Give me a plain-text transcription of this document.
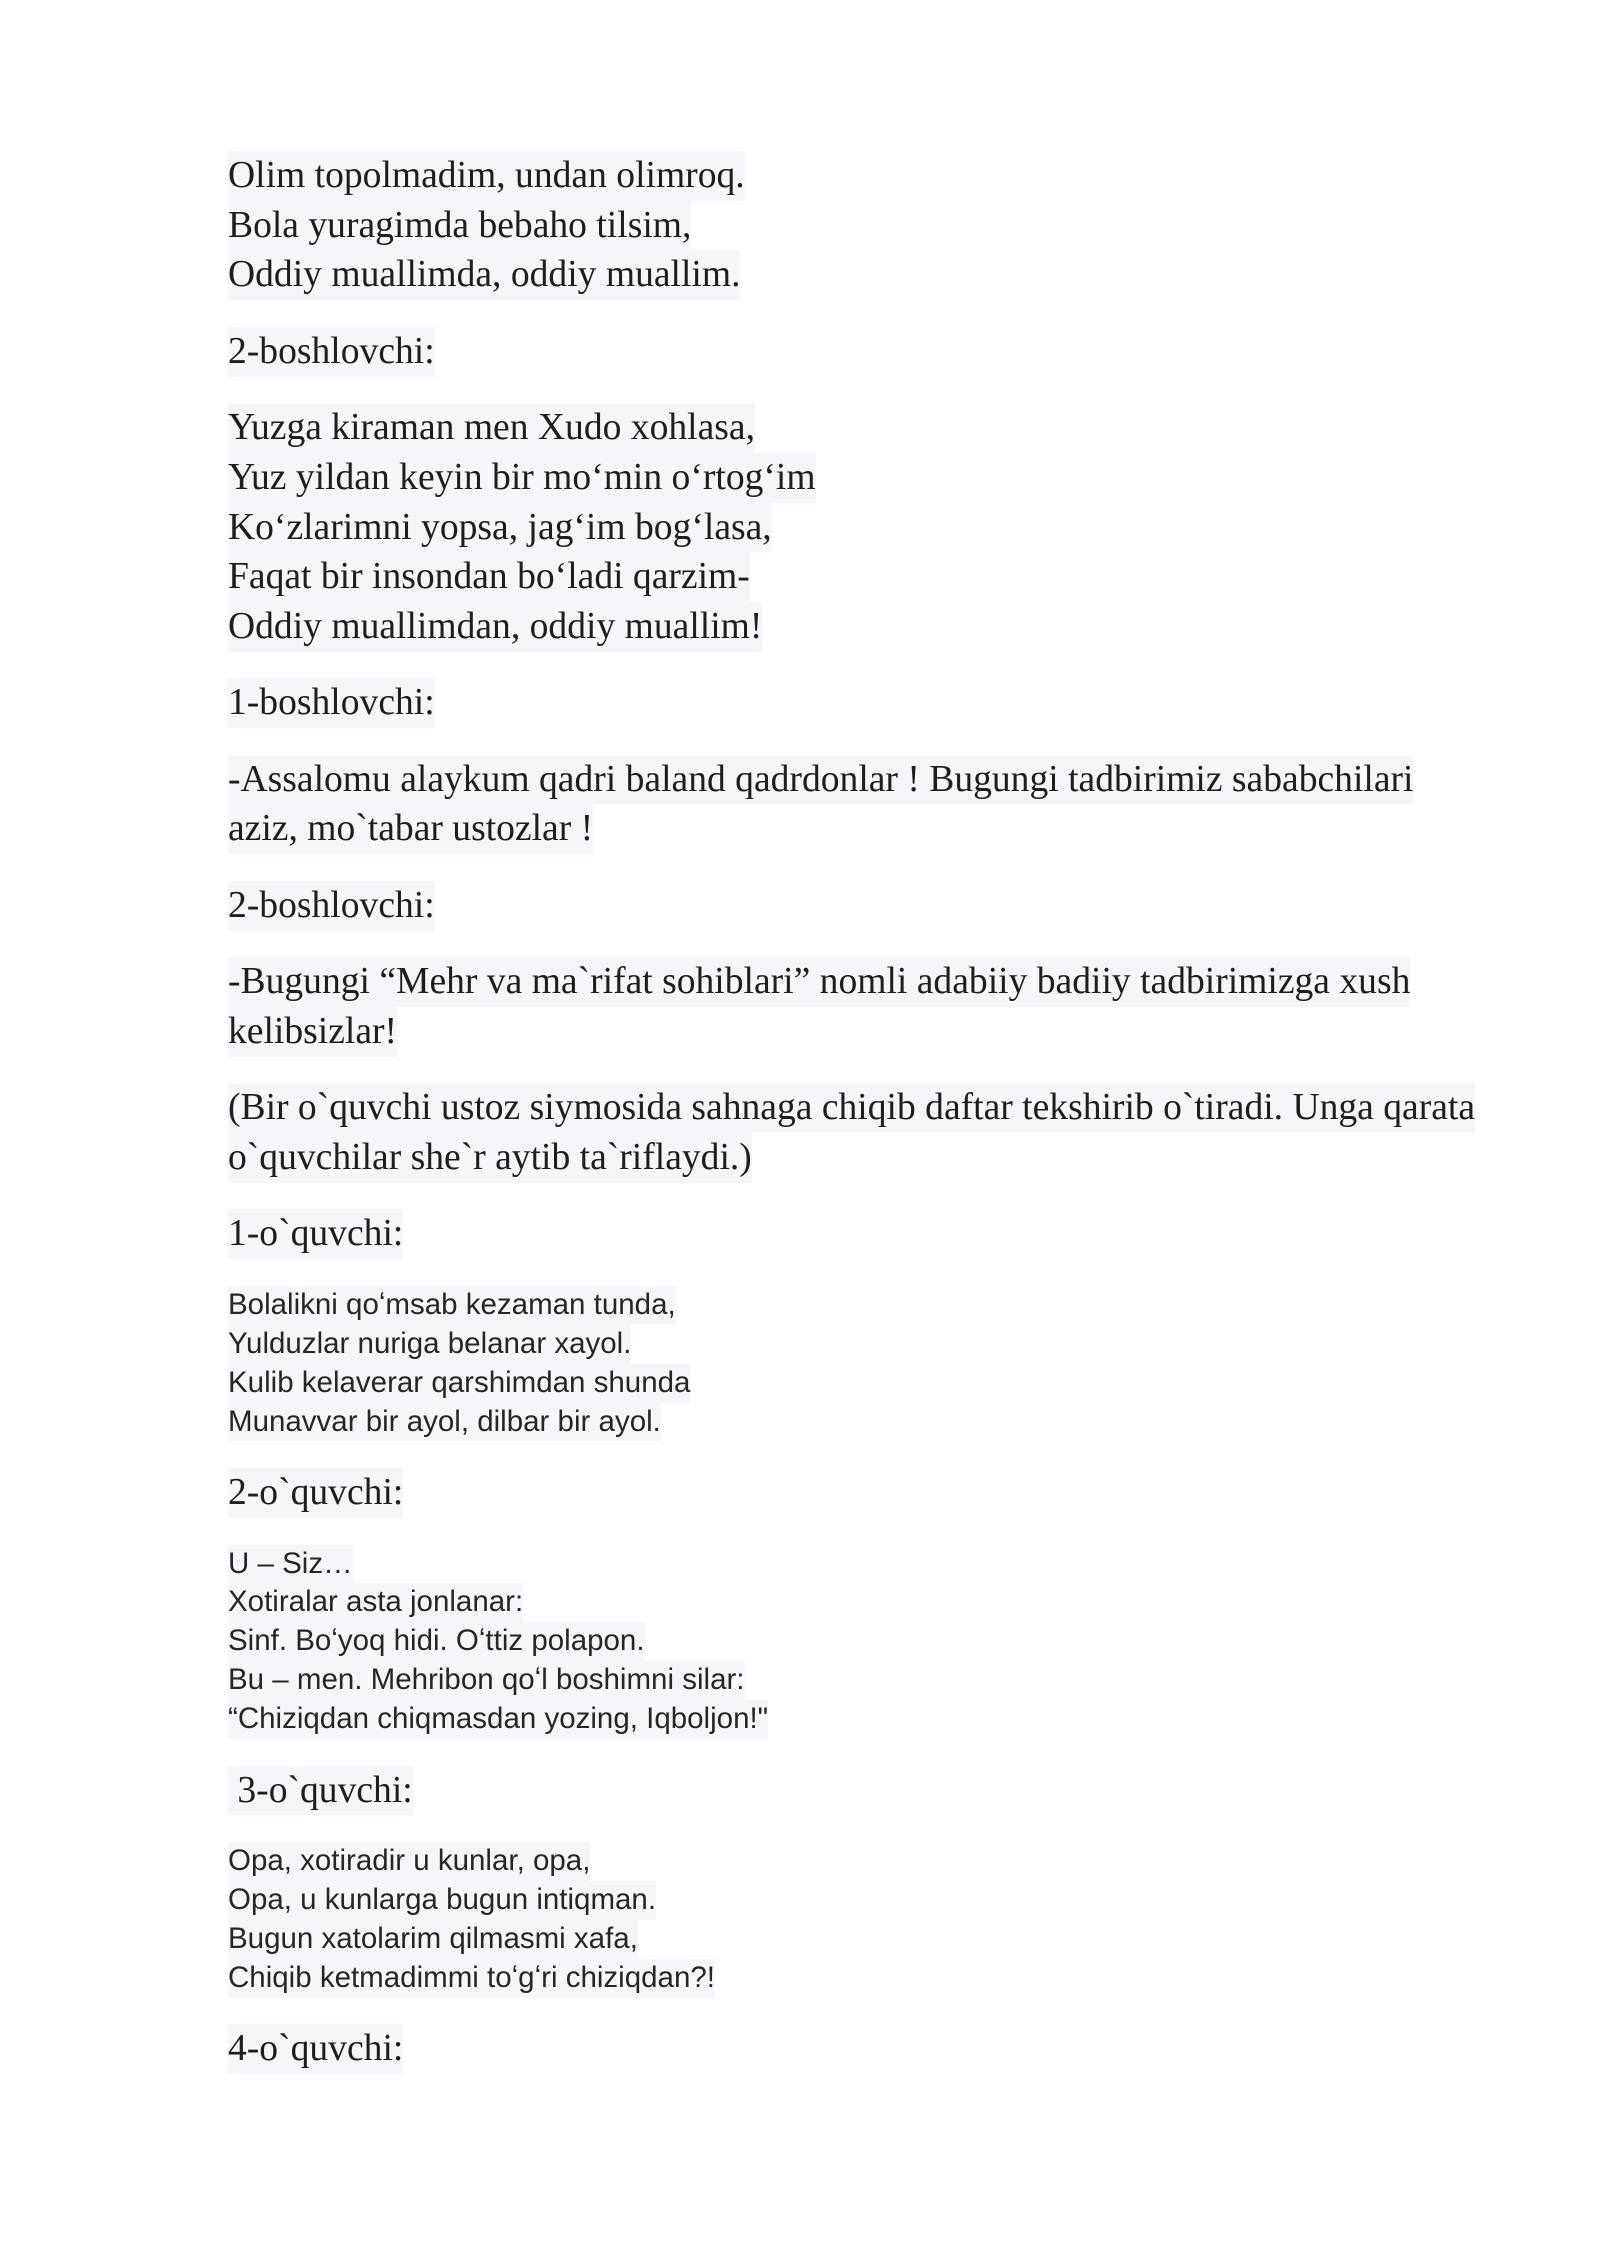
Olim topolmadim, undan olimroq.
Bola yuragimda bebaho tilsim,
Oddiy muallimda, oddiy muallim.
2-boshlovchi:
Yuzga kiraman men Xudo xohlasa,
Yuz yildan keyin bir mo‘min o‘rtog‘im
Ko‘zlarimni yopsa, jag‘im bog‘lasa,
Faqat bir insondan bo‘ladi qarzim-
Oddiy muallimdan, oddiy muallim!
1-boshlovchi:
-Assalomu alaykum qadri baland qadrdonlar ! Bugungi tadbirimiz sababchilari
aziz, mo`tabar ustozlar !
2-boshlovchi:
-Bugungi “Mehr va ma`rifat sohiblari” nomli adabiiy badiiy tadbirimizga xush
kelibsizlar!
(Bir o`quvchi ustoz siymosida sahnaga chiqib daftar tekshirib o`tiradi. Unga qarata
o`quvchilar she`r aytib ta`riflaydi.)
1-o`quvchi:
Bolalikni qoʻmsab kezaman tunda,
Yulduzlar nuriga belanar xayol.
Kulib kelaverar qarshimdan shunda
Munavvar bir ayol, dilbar bir ayol.
2-o`quvchi:
U – Siz…
Xotiralar asta jonlanar:
Sinf. Boʻyoq hidi. Oʻttiz polapon.
Bu – men. Mehribon qoʻl boshimni silar:
“Chiziqdan chiqmasdan yozing, Iqboljon!"
3-o`quvchi:
Opa, xotiradir u kunlar, opa,
Opa, u kunlarga bugun intiqman.
Bugun xatolarim qilmasmi xafa,
Chiqib ketmadimmi toʻgʻri chiziqdan?!
4-o`quvchi:
